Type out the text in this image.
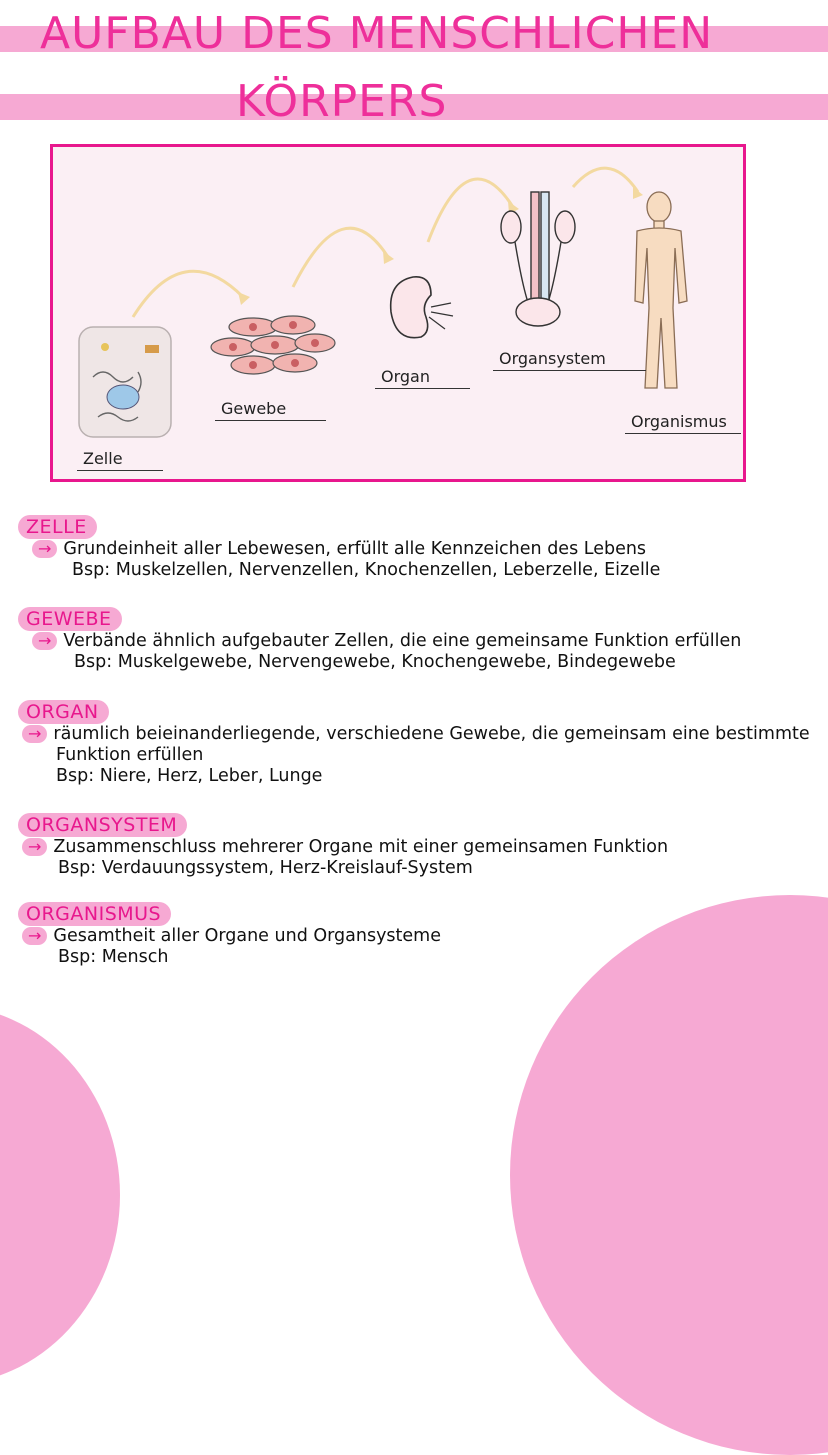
AUFBAU DES MENSCHLICHEN
KÖRPERS
Zelle
Gewebe
Organ
Organsystem
Organismus
ZELLE
→ Grundeinheit aller Lebewesen, erfüllt alle Kennzeichen des Lebens
Bsp: Muskelzellen, Nervenzellen, Knochenzellen, Leberzelle, Eizelle
GEWEBE
→ Verbände ähnlich aufgebauter Zellen, die eine gemeinsame Funktion erfüllen
Bsp: Muskelgewebe, Nervengewebe, Knochengewebe, Bindegewebe
ORGAN
→ räumlich beieinanderliegende, verschiedene Gewebe, die gemeinsam eine bestimmte
Funktion erfüllen
Bsp: Niere, Herz, Leber, Lunge
ORGANSYSTEM
→ Zusammenschluss mehrerer Organe mit einer gemeinsamen Funktion
Bsp: Verdauungssystem, Herz-Kreislauf-System
ORGANISMUS
→ Gesamtheit aller Organe und Organsysteme
Bsp: Mensch
